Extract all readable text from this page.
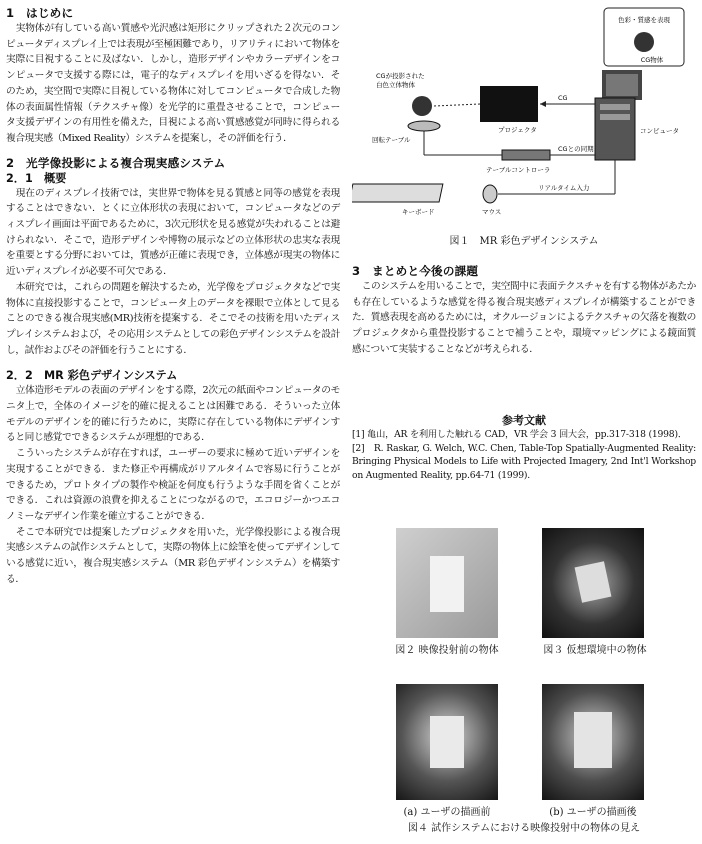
1　はじめに

実物体が有している高い質感や光沢感は矩形にクリップされた２次元のコンピュータディスプレイ上では表現が至極困難であり，リアリティにおいて物体を実際に目視することに及ばない．しかし，造形デザインやカラーデザインをコンピュータで支援する際には，電子的なディスプレイを用いざるを得ない．そのため，実空間で実際に目視している物体に対してコンピュータで合成した物体の表面属性情報（テクスチャ像）を光学的に重畳させることで，コンピュータ支援デザインの有用性を備えた，目視による高い質感感覚が同時に得られる複合現実感（Mixed Reality）システムを提案し，その評価を行う．

2　光学像投影による複合現実感システム
2．1　概要

現在のディスプレイ技術では，実世界で物体を見る質感と同等の感覚を表現することはできない．とくに立体形状の表現において，コンピュータなどのディスプレイ画面は平面であるために，3次元形状を見る感覚が失われることは避けられない．そこで，造形デザインや博物の展示などの立体形状の忠実な表現を重要とする分野においては，質感が正確に表現でき，立体感が現実の物体に近いディスプレイが必要不可欠である．

本研究では，これらの問題を解決するため，光学像をプロジェクタなどで実物体に直接投影することで，コンピュータ上のデータを裸眼で立体として見ることのできる複合現実感(MR)技術を提案する．そこでその技術を用いたディスプレイシステムおよび，その応用システムとしての彩色デザインシステムを設計し，試作およびその評価を行うことにする．

2．2　MR 彩色デザインシステム

立体造形モデルの表面のデザインをする際，2次元の紙面やコンピュータのモニタ上で，全体のイメージを的確に捉えることは困難である．そういった立体モデルのデザインを的確に行うために，実際に存在している物体にデザインすると同じ感覚でできるシステムが理想的である．

こういったシステムが存在すれば，ユーザーの要求に極めて近いデザインを実現することができる．また修正や再構成がリアルタイムで容易に行うことができるため，プロトタイプの製作や検証を何度も行うような手間を省くことができる．これは資源の浪費を抑えることにつながるので，エコロジーかつエコノミーなデザイン作業を確立することができる．

そこで本研究では提案したプロジェクタを用いた，光学像投影による複合現実感システムの試作システムとして，実際の物体上に絵筆を使ってデザインしている感覚に近い，複合現実感システム（MR 彩色デザインシステム）を構築する．

色彩・質感を表現
CG物体
コンピュータ
CGが投影された
白色立体物体
回転テーブル
プロジェクタ
CG
テーブルコントローラ
CGとの同期
キーボード	マウス
リアルタイム入力

図１　MR 彩色デザインシステム

3　まとめと今後の課題

このシステムを用いることで，実空間中に表面テクスチャを有する物体があたかも存在しているような感覚を得る複合現実感ディスプレイが構築することができた．質感表現を高めるためには，オクルージョンによるテクスチャの欠落を複数のプロジェクタから重畳投影することで補うことや，環境マッピングによる鏡面質感について実装することなどが考えられる．

参考文献

[1] 亀山，AR を利用した触れる CAD，VR 学会 3 回大会，pp.317-318 (1998)．

[2]　R. Raskar, G. Welch, W.C. Chen, Table-Top Spatially-Augmented Reality: Bringing Physical Models to Life with Projected Imagery, 2nd Int'l Workshop on Augmented Reality, pp.64-71 (1999).

図２ 映像投射前の物体	図３ 仮想環境中の物体

(a) ユーザの描画前	(b) ユーザの描画後

図４ 試作システムにおける映像投射中の物体の見え
